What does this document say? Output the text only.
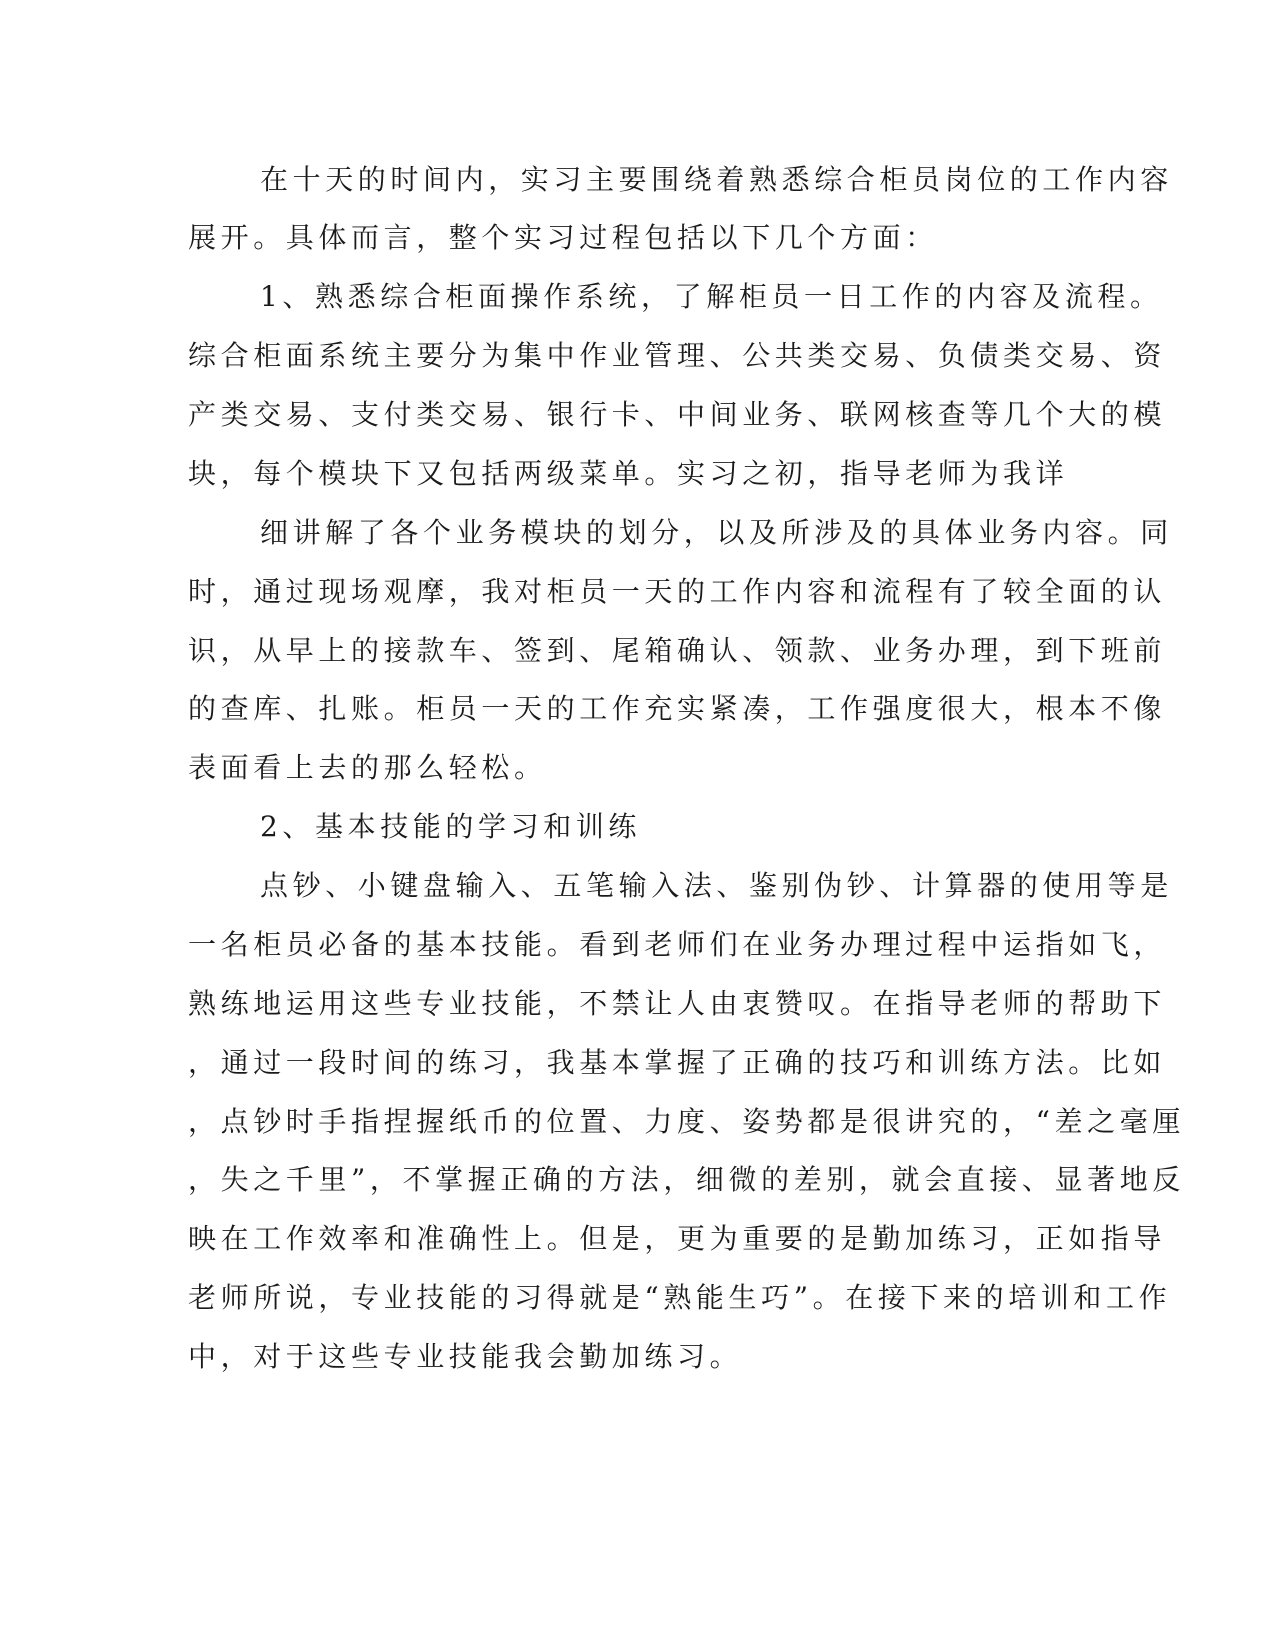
在十天的时间内，实习主要围绕着熟悉综合柜员岗位的工作内容
展开。具体而言，整个实习过程包括以下几个方面：
1、熟悉综合柜面操作系统，了解柜员一日工作的内容及流程。
综合柜面系统主要分为集中作业管理、公共类交易、负债类交易、资
产类交易、支付类交易、银行卡、中间业务、联网核查等几个大的模
块，每个模块下又包括两级菜单。实习之初，指导老师为我详
细讲解了各个业务模块的划分，以及所涉及的具体业务内容。同
时，通过现场观摩，我对柜员一天的工作内容和流程有了较全面的认
识，从早上的接款车、签到、尾箱确认、领款、业务办理，到下班前
的查库、扎账。柜员一天的工作充实紧凑，工作强度很大，根本不像
表面看上去的那么轻松。
2、基本技能的学习和训练
点钞、小键盘输入、五笔输入法、鉴别伪钞、计算器的使用等是
一名柜员必备的基本技能。看到老师们在业务办理过程中运指如飞，
熟练地运用这些专业技能，不禁让人由衷赞叹。在指导老师的帮助下
，通过一段时间的练习，我基本掌握了正确的技巧和训练方法。比如
，点钞时手指捏握纸币的位置、力度、姿势都是很讲究的，“差之毫厘
，失之千里”，不掌握正确的方法，细微的差别，就会直接、显著地反
映在工作效率和准确性上。但是，更为重要的是勤加练习，正如指导
老师所说，专业技能的习得就是“熟能生巧”。在接下来的培训和工作
中，对于这些专业技能我会勤加练习。
